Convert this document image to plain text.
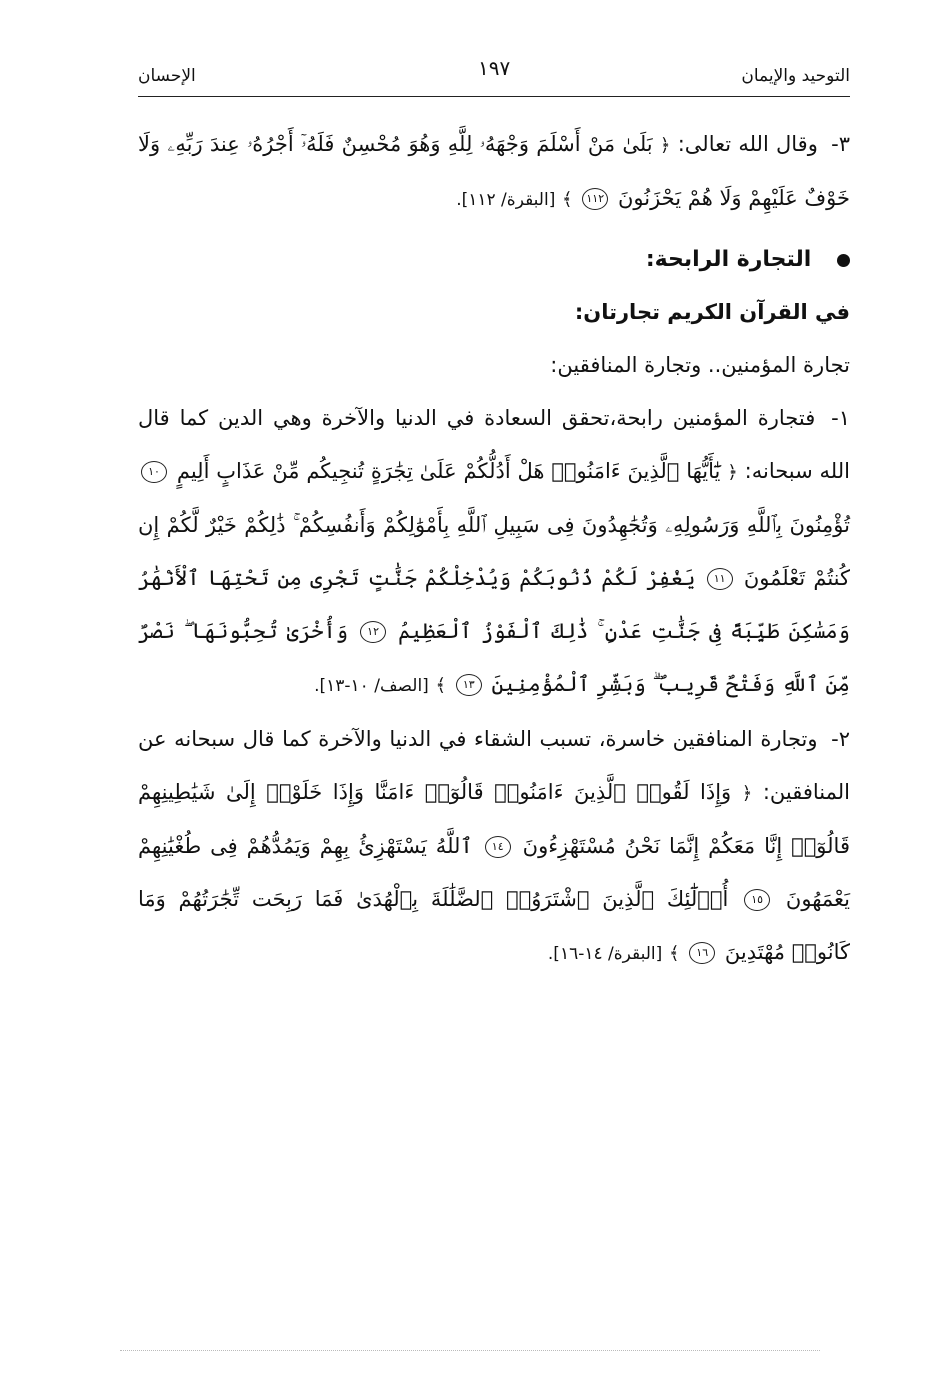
التوحيد والإيمان
١٩٧
الإحسان

٣- وقال الله تعالى: ﴿ بَلَىٰ مَنْ أَسْلَمَ وَجْهَهُۥ لِلَّهِ وَهُوَ مُحْسِنٌ فَلَهُۥٓ أَجْرُهُۥ عِندَ رَبِّهِۦ وَلَا خَوْفٌ عَلَيْهِمْ وَلَا هُمْ يَحْزَنُونَ ١١٢ ﴾ [البقرة/ ١١٢].

التجارة الرابحة:

في القرآن الكريم تجارتان:

تجارة المؤمنين.. وتجارة المنافقين:

١- فتجارة المؤمنين رابحة،تحقق السعادة في الدنيا والآخرة وهي الدين كما قال الله سبحانه: ﴿ يَٰٓأَيُّهَا ٱلَّذِينَ ءَامَنُوا۟ هَلْ أَدُلُّكُمْ عَلَىٰ تِجَٰرَةٍ تُنجِيكُم مِّنْ عَذَابٍ أَلِيمٍ ١٠ تُؤْمِنُونَ بِٱللَّهِ وَرَسُولِهِۦ وَتُجَٰهِدُونَ فِى سَبِيلِ ٱللَّهِ بِأَمْوَٰلِكُمْ وَأَنفُسِكُمْ ۚ ذَٰلِكُمْ خَيْرٌ لَّكُمْ إِن كُنتُمْ تَعْلَمُونَ ١١ يَغْفِرْ لَكُمْ ذُنُوبَكُمْ وَيُدْخِلْكُمْ جَنَّٰتٍ تَجْرِى مِن تَحْتِهَا ٱلْأَنْهَٰرُ وَمَسَٰكِنَ طَيِّبَةً فِى جَنَّٰتِ عَدْنٍ ۚ ذَٰلِكَ ٱلْفَوْزُ ٱلْعَظِيمُ ١٢ وَأُخْرَىٰ تُحِبُّونَهَا ۖ نَصْرٌ مِّنَ ٱللَّهِ وَفَتْحٌ قَرِيبٌ ۗ وَبَشِّرِ ٱلْمُؤْمِنِينَ ١٣ ﴾ [الصف/ ١٠-١٣].

٢- وتجارة المنافقين خاسرة، تسبب الشقاء في الدنيا والآخرة كما قال سبحانه عن المنافقين: ﴿ وَإِذَا لَقُوا۟ ٱلَّذِينَ ءَامَنُوا۟ قَالُوٓا۟ ءَامَنَّا وَإِذَا خَلَوْا۟ إِلَىٰ شَيَٰطِينِهِمْ قَالُوٓا۟ إِنَّا مَعَكُمْ إِنَّمَا نَحْنُ مُسْتَهْزِءُونَ ١٤ ٱللَّهُ يَسْتَهْزِئُ بِهِمْ وَيَمُدُّهُمْ فِى طُغْيَٰنِهِمْ يَعْمَهُونَ ١٥ أُو۟لَٰٓئِكَ ٱلَّذِينَ ٱشْتَرَوُا۟ ٱلضَّلَٰلَةَ بِٱلْهُدَىٰ فَمَا رَبِحَت تِّجَٰرَتُهُمْ وَمَا كَانُوا۟ مُهْتَدِينَ ١٦ ﴾ [البقرة/ ١٤-١٦].
